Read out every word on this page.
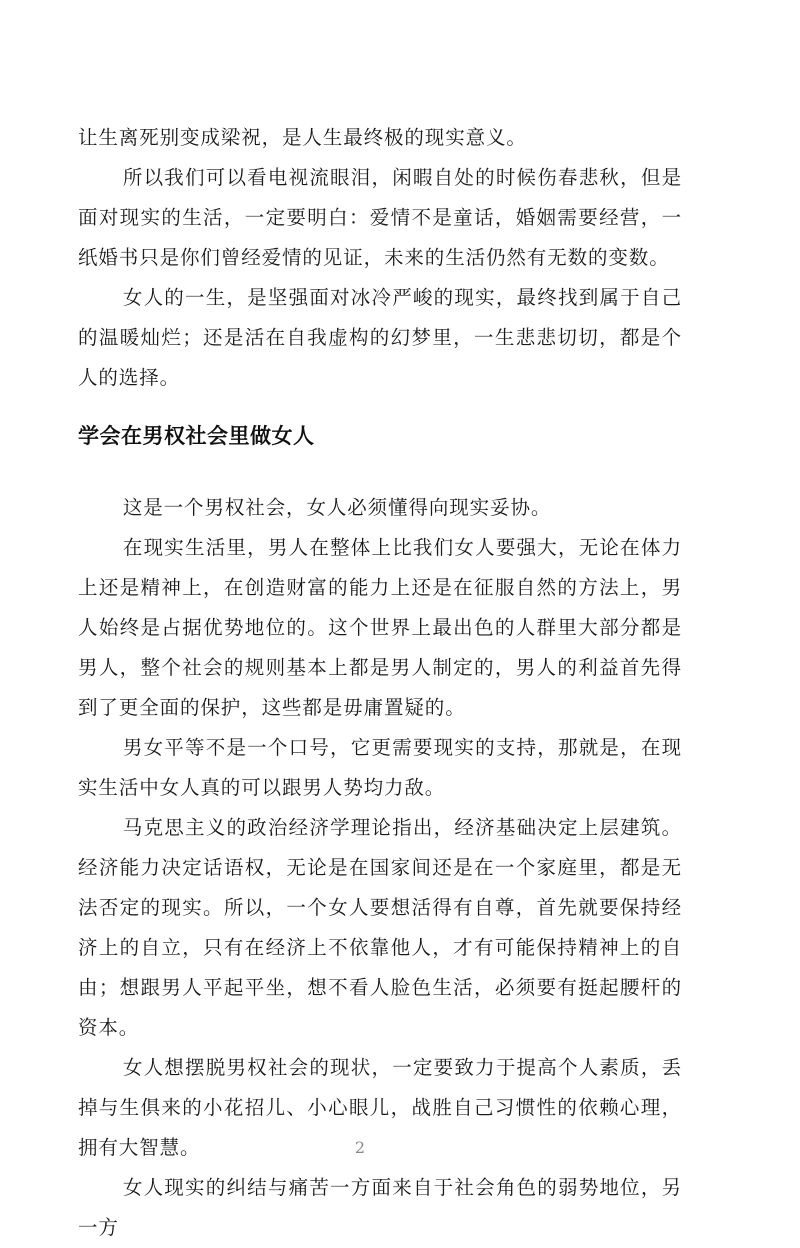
让生离死别变成梁祝，是人生最终极的现实意义。

所以我们可以看电视流眼泪，闲暇自处的时候伤春悲秋，但是面对现实的生活，一定要明白：爱情不是童话，婚姻需要经营，一纸婚书只是你们曾经爱情的见证，未来的生活仍然有无数的变数。

女人的一生，是坚强面对冰冷严峻的现实，最终找到属于自己的温暖灿烂；还是活在自我虚构的幻梦里，一生悲悲切切，都是个人的选择。

学会在男权社会里做女人

这是一个男权社会，女人必须懂得向现实妥协。

在现实生活里，男人在整体上比我们女人要强大，无论在体力上还是精神上，在创造财富的能力上还是在征服自然的方法上，男人始终是占据优势地位的。这个世界上最出色的人群里大部分都是男人，整个社会的规则基本上都是男人制定的，男人的利益首先得到了更全面的保护，这些都是毋庸置疑的。

男女平等不是一个口号，它更需要现实的支持，那就是，在现实生活中女人真的可以跟男人势均力敌。

马克思主义的政治经济学理论指出，经济基础决定上层建筑。经济能力决定话语权，无论是在国家间还是在一个家庭里，都是无法否定的现实。所以，一个女人要想活得有自尊，首先就要保持经济上的自立，只有在经济上不依靠他人，才有可能保持精神上的自由；想跟男人平起平坐，想不看人脸色生活，必须要有挺起腰杆的资本。

女人想摆脱男权社会的现状，一定要致力于提高个人素质，丢掉与生俱来的小花招儿、小心眼儿，战胜自己习惯性的依赖心理，拥有大智慧。

女人现实的纠结与痛苦一方面来自于社会角色的弱势地位，另一方

2
